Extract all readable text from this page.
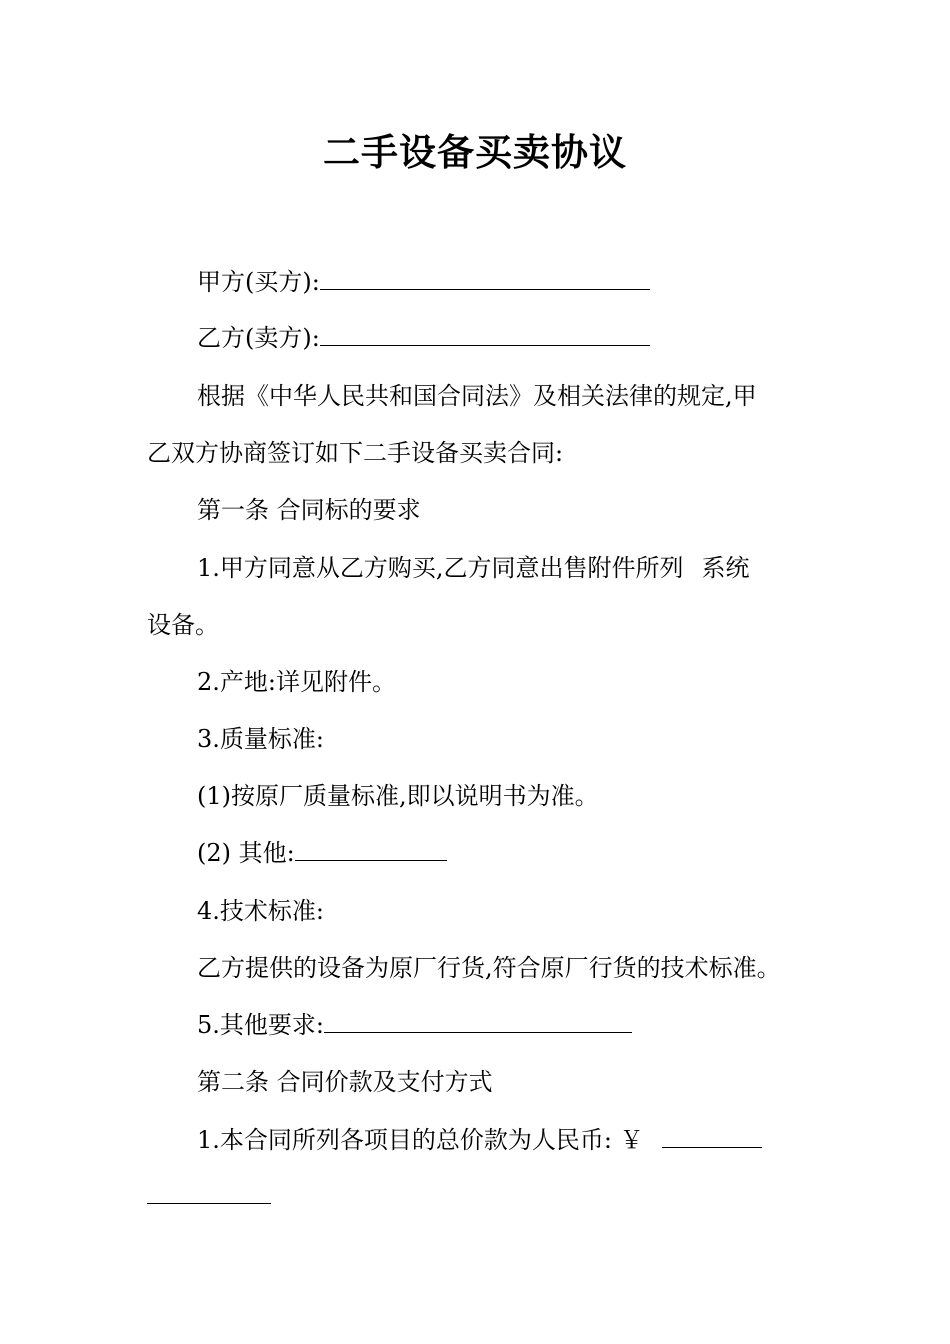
二手设备买卖协议
甲方(买方):
乙方(卖方):

根据《中华人民共和国合同法》及相关法律的规定,甲

乙双方协商签订如下二手设备买卖合同:

第一条 合同标的要求

1.甲方同意从乙方购买,乙方同意出售附件所列 系统

设备。

2.产地:详见附件。

3.质量标准:

(1)按原厂质量标准,即以说明书为准。

(2) 其他:

4.技术标准:

乙方提供的设备为原厂行货,符合原厂行货的技术标准。

5.其他要求:

第二条 合同价款及支付方式

1.本合同所列各项目的总价款为人民币: ￥
